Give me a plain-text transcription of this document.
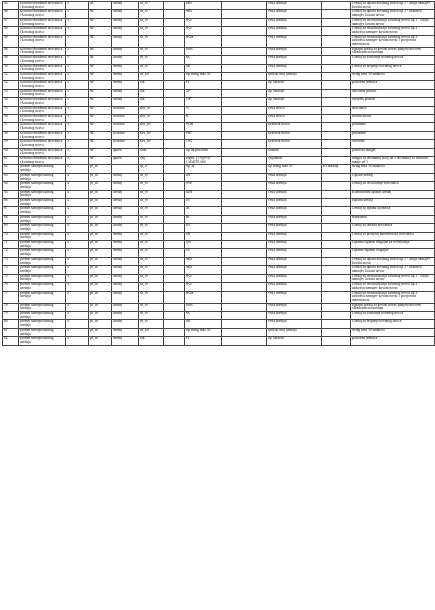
45.	kolicina obradenih novcanica i kovanog novca	3	ab	uredaj	ur_vr		nKo		vrsta uredaja		Uredaj za uplatu kovanog novca tip 1 - odlija namajev kovani novac
46.	kolicina obradenih novcanica i kovanog novca	3	ab	uredaj	ur_vr		nKo		vrsta uredaja		Uredaj za uplatu kovanog novca tip 2 - zadrzava namajev kovani novac
47.	kolicina obradenih novcanica i kovanog novca	3	ab	uredaj	ur_vr		rKo		vrsta uredaja		Uredaj za recirkuliraciju kovanog novca tip 1 - odlija namajev kovani novac
48.	kolicina obradenih novcanica i kovanog novca	3	ab	uredaj	ur_vr		rKo		vrsta uredaja		Uredaj za recirkuliraciju kovanog novca tip 2 - zadrzava namajev kovani novac
49.	kolicina obradenih novcanica i kovanog novca	3	ab	uredaj	ur_vr		rKoa		vrsta uredaja		Uredaj za recirkuliraciju kovanog novca tip 3 - zadrzava namajev kovani novac i provjerava autenticnost
48.	kolicina obradenih novcanica i kovanog novca	3	ab	uredaj	ur_vr		isoK		vrsta uredaja		Isplatni uredaj za kovani novac punjeni novcem obradenim na uredaju
49.	kolicina obradenih novcanica i kovanog novca	3	ab	uredaj	ur_vr		sK		vrsta uredaja		Uredaj za sortiranje kovanog novca
50.	kolicina obradenih novcanica i kovanog novca	3	ab	uredaj	ur_vr		bK		vrsta uredaja		Uredaj za brojanje kovanog novca
51.	kolicina obradenih novcanica i kovanog novca	3	ab	uredaj	ur_ser		tip string max 50		serijski broj uredaja		string max 50 znakova
52.	kolicina obradenih novcanica i kovanog novca	3	ab	uredaj	lok		PJ		tip lokacije		poslovna jedinica
53.	kolicina obradenih novcanica i kovanog novca	3	ab	uredaj	lok		ZP		tip lokacije		zatvoreni prostor
54.	kolicina obradenih novcanica i kovanog novca	3	ab	uredaj	lok		OP		tip lokacije		otvoreni prostor
55.	kolicina obradenih novcanica i kovanog novca	3	ab	kolicina	nov_vr		N		vrsta novca		novcanice
56.	kolicina obradenih novcanica i kovanog novca	3	ab	kolicina	nov_vr		K		vrsta novca		kovani novac
57.	kolicina obradenih novcanica i kovanog novca	3	ab	kolicina	nov_kv		POH		kvaliteta novca		pohabano
58.	kolicina obradenih novcanica i kovanog novca	3	ab	kolicina	nov_kv		PRI		kvaliteta novca		prikladno
59.	kolicina obradenih novcanica i kovanog novca	3	ab	kolicina	nov_kv		OST		kvaliteta novca		ostecena
60.	kolicina obradenih novcanica i kovanog novca	3	ab	apoen	kom		tip int pozitivni		komadi		pozitivni integer
61.	kolicina obradenih novcanica i kovanog novca	3	ab	apoen	vrij		regex: [1-9][0-9]*(,\d\d)?|0,\d\d		vrijednost		integer ili decimalni broj (na 2 decimale) sa zarezom manje od 1
62.	promet samoposluznog uredaja	4	pr_ur		rp_d		tip_uf		tip string max 50	ID uredaja	string max 50 znakova
63.	promet samoposluznog uredaja	4	pr_ur	uredaj	ur_vr		uN		vrsta uredaja		Uplatni uredaj
64.	promet samoposluznog uredaja	4	pr_ur	uredaj	ur_vr		rNb		vrsta uredaja		Uredaj za recikliranje novcanica
65.	promet samoposluznog uredaja	4	pr_ur	uredaj	ur_vr		kuN		vrsta uredaja		Kombinirani uplatni uredaj
66.	promet samoposluznog uredaja	4	pr_ur	uredaj	ur_vr		iN		vrsta uredaja		Isplatni uredaj
67.	promet samoposluznog uredaja	4	pr_ur	uredaj	ur_vr		iK		vrsta uredaja		Uredaj za isplatu kovanica
68.	promet samoposluznog uredaja	4	pr_ur	uredaj	ur_vr		iB		vrsta uredaja		Bankomat
69.	promet samoposluznog uredaja	4	pr_ur	uredaj	ur_vr		sN		vrsta uredaja		Uredaj za obradu novcanica
70.	promet samoposluznog uredaja	4	pr_ur	uredaj	ur_vr		aN		vrsta uredaja		Uredaj za provjeru autenticnosti novcanica
71.	promet samoposluznog uredaja	4	pr_ur	uredaj	ur_vr		tNr		vrsta uredaja		Uplatno isplatni blagajne za recikliranje
72.	promet samoposluznog uredaja	4	pr_ur	uredaj	ur_vr		tN		vrsta uredaja		Uplatno-isplatni blagajne
73.	promet samoposluznog uredaja	4	pr_ur	uredaj	ur_vr		uKo		vrsta uredaja		Uredaj za uplatu kovanog novca tip 1 - odlija namajev kovani novac
74.	promet samoposluznog uredaja	4	pr_ur	uredaj	ur_vr		uKo		vrsta uredaja		Uredaj za uplatu kovanog novca tip 2 - zadrzava namajev kovani novac
75.	promet samoposluznog uredaja	4	pr_ur	uredaj	ur_vr		rKo		vrsta uredaja		Uredaj za recirkuliraciju kovanog novca tip 1 - odlija namajev kovani novac
76.	promet samoposluznog uredaja	4	pr_ur	uredaj	ur_vr		rKo		vrsta uredaja		Uredaj za recirkuliraciju kovanog novca tip 2 - zadrzava namajev kovani novac
77.	promet samoposluznog uredaja	4	pr_ur	uredaj	ur_vr		rKoa		vrsta uredaja		Uredaj za recirkuliraciju kovanog novca tip 3 - zadrzava namajev kovani novac i provjerava autenticnost
78.	promet samoposluznog uredaja	4	pr_ur	uredaj	ur_vr		isoK		vrsta uredaja		Isplatni uredaj za kovani novac punjeni novcem obradenim na uredaju
79.	promet samoposluznog uredaja	4	pr_ur	uredaj	ur_vr		sK		vrsta uredaja		Uredaj za sortiranje kovanog novca
80.	promet samoposluznog uredaja	4	pr_ur	uredaj	ur_vr		bK		vrsta uredaja		Uredaj za brojanje kovanog novca
81.	promet samoposluznog uredaja	4	pr_ur	uredaj	ur_ser		tip string max 50		serijski broj uredaja		string max 50 znakova
82.	promet samoposluznog uredaja	4	pr_ur	uredaj	lok		PJ		tip lokacije		poslovna jedinica
